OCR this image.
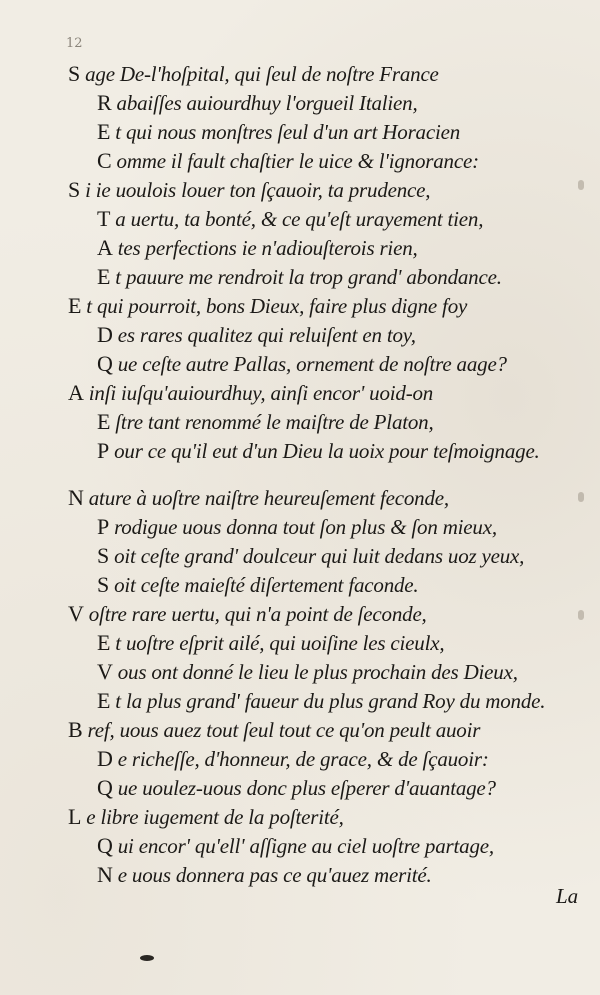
12
S age De-l'hoſpital, qui ſeul de noſtre France
R abaiſſes auiourdhuy l'orgueil Italien,
E t qui nous monſtres ſeul d'un art Horacien
C omme il fault chaſtier le uice & l'ignorance:
S i ie uoulois louer ton ſçauoir, ta prudence,
T a uertu, ta bonté, & ce qu'eſt urayement tien,
A tes perfections ie n'adiouſterois rien,
E t pauure me rendroit la trop grand' abondance.
E t qui pourroit, bons Dieux, faire plus digne foy
D es rares qualitez qui reluiſent en toy,
Q ue ceſte autre Pallas, ornement de noſtre aage?
A inſi iuſqu'auiourdhuy, ainſi encor' uoid-on
E ſtre tant renommé le maiſtre de Platon,
P our ce qu'il eut d'un Dieu la uoix pour teſmoignage.
N ature à uoſtre naiſtre heureuſement feconde,
P rodigue uous donna tout ſon plus & ſon mieux,
S oit ceſte grand' doulceur qui luit dedans uoz yeux,
S oit ceſte maieſté diſertement faconde.
V oſtre rare uertu, qui n'a point de ſeconde,
E t uoſtre eſprit ailé, qui uoiſine les cieulx,
V ous ont donné le lieu le plus prochain des Dieux,
E t la plus grand' faueur du plus grand Roy du monde.
B ref, uous auez tout ſeul tout ce qu'on peult auoir
D e richeſſe, d'honneur, de grace, & de ſçauoir:
Q ue uoulez-uous donc plus eſperer d'auantage?
L e libre iugement de la poſterité,
Q ui encor' qu'ell' aſſigne au ciel uoſtre partage,
N e uous donnera pas ce qu'auez merité.
La
